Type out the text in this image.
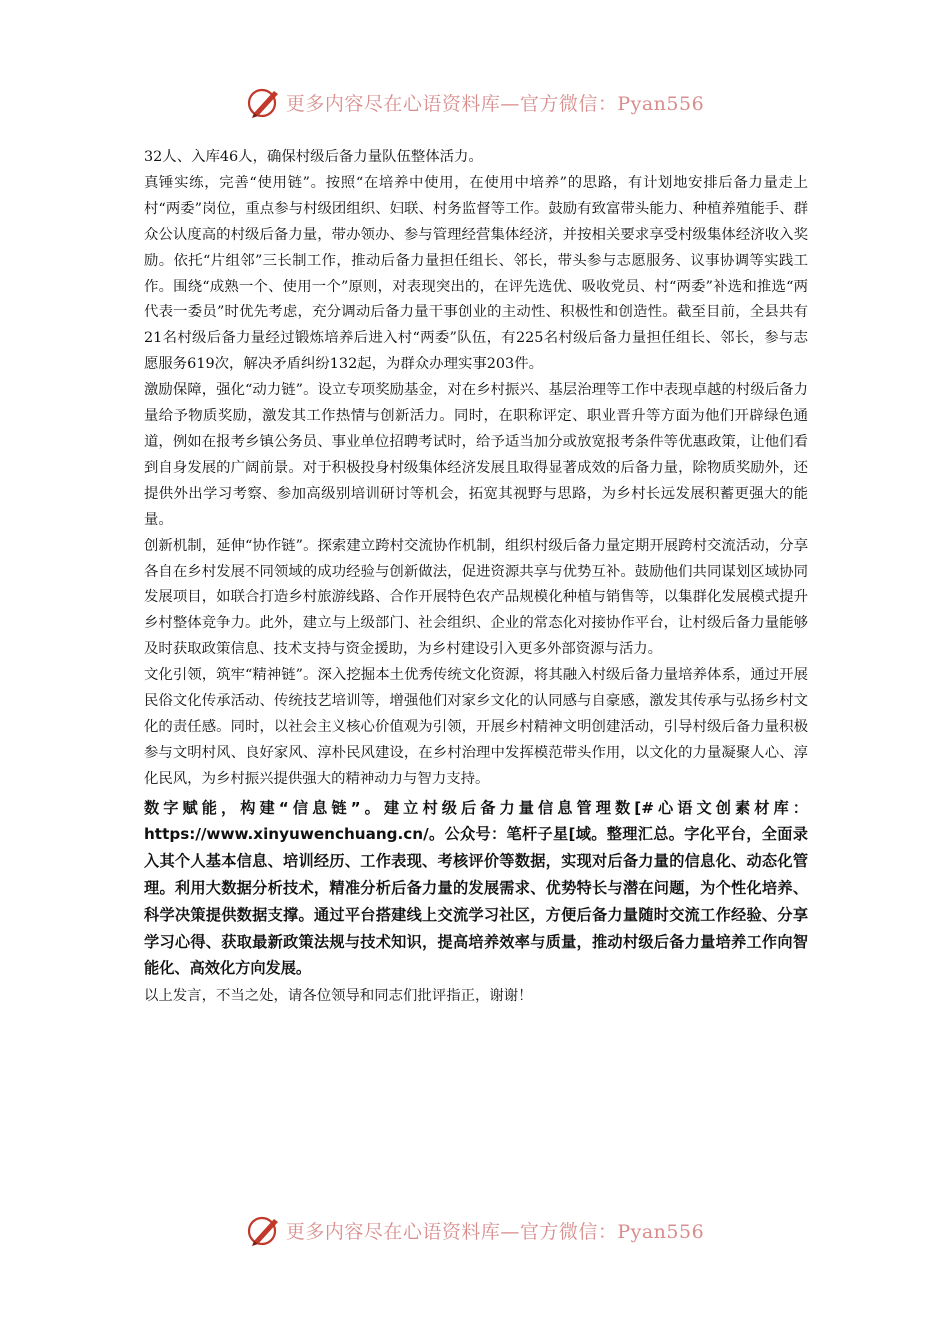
更多内容尽在心语资料库—官方微信：Pyan556

32人、入库46人，确保村级后备力量队伍整体活力。

真锤实练，完善“使用链”。按照“在培养中使用，在使用中培养”的思路，有计划地安排后备力量走上村“两委”岗位，重点参与村级团组织、妇联、村务监督等工作。鼓励有致富带头能力、种植养殖能手、群众公认度高的村级后备力量，带办领办、参与管理经营集体经济，并按相关要求享受村级集体经济收入奖励。依托“片组邻”三长制工作，推动后备力量担任组长、邻长，带头参与志愿服务、议事协调等实践工作。围绕“成熟一个、使用一个”原则，对表现突出的，在评先选优、吸收党员、村“两委”补选和推选“两代表一委员”时优先考虑，充分调动后备力量干事创业的主动性、积极性和创造性。截至目前，全县共有21名村级后备力量经过锻炼培养后进入村“两委”队伍，有225名村级后备力量担任组长、邻长，参与志愿服务619次，解决矛盾纠纷132起，为群众办理实事203件。

激励保障，强化“动力链”。设立专项奖励基金，对在乡村振兴、基层治理等工作中表现卓越的村级后备力量给予物质奖励，激发其工作热情与创新活力。同时，在职称评定、职业晋升等方面为他们开辟绿色通道，例如在报考乡镇公务员、事业单位招聘考试时，给予适当加分或放宽报考条件等优惠政策，让他们看到自身发展的广阔前景。对于积极投身村级集体经济发展且取得显著成效的后备力量，除物质奖励外，还提供外出学习考察、参加高级别培训研讨等机会，拓宽其视野与思路，为乡村长远发展积蓄更强大的能量。

创新机制，延伸“协作链”。探索建立跨村交流协作机制，组织村级后备力量定期开展跨村交流活动，分享各自在乡村发展不同领域的成功经验与创新做法，促进资源共享与优势互补。鼓励他们共同谋划区域协同发展项目，如联合打造乡村旅游线路、合作开展特色农产品规模化种植与销售等，以集群化发展模式提升乡村整体竞争力。此外，建立与上级部门、社会组织、企业的常态化对接协作平台，让村级后备力量能够及时获取政策信息、技术支持与资金援助，为乡村建设引入更多外部资源与活力。

文化引领，筑牢“精神链”。深入挖掘本土优秀传统文化资源，将其融入村级后备力量培养体系，通过开展民俗文化传承活动、传统技艺培训等，增强他们对家乡文化的认同感与自豪感，激发其传承与弘扬乡村文化的责任感。同时，以社会主义核心价值观为引领，开展乡村精神文明创建活动，引导村级后备力量积极参与文明村风、良好家风、淳朴民风建设，在乡村治理中发挥模范带头作用，以文化的力量凝聚人心、淳化民风，为乡村振兴提供强大的精神动力与智力支持。

数字赋能，构建“信息链”。建立村级后备力量信息管理数[#心语文创素材库：https://www.xinyuwenchuang.cn/。公众号：笔杆子星[域。整理汇总。字化平台，全面录入其个人基本信息、培训经历、工作表现、考核评价等数据，实现对后备力量的信息化、动态化管理。利用大数据分析技术，精准分析后备力量的发展需求、优势特长与潜在问题，为个性化培养、科学决策提供数据支撑。通过平台搭建线上交流学习社区，方便后备力量随时交流工作经验、分享学习心得、获取最新政策法规与技术知识，提高培养效率与质量，推动村级后备力量培养工作向智能化、高效化方向发展。

以上发言，不当之处，请各位领导和同志们批评指正，谢谢！

更多内容尽在心语资料库—官方微信：Pyan556
